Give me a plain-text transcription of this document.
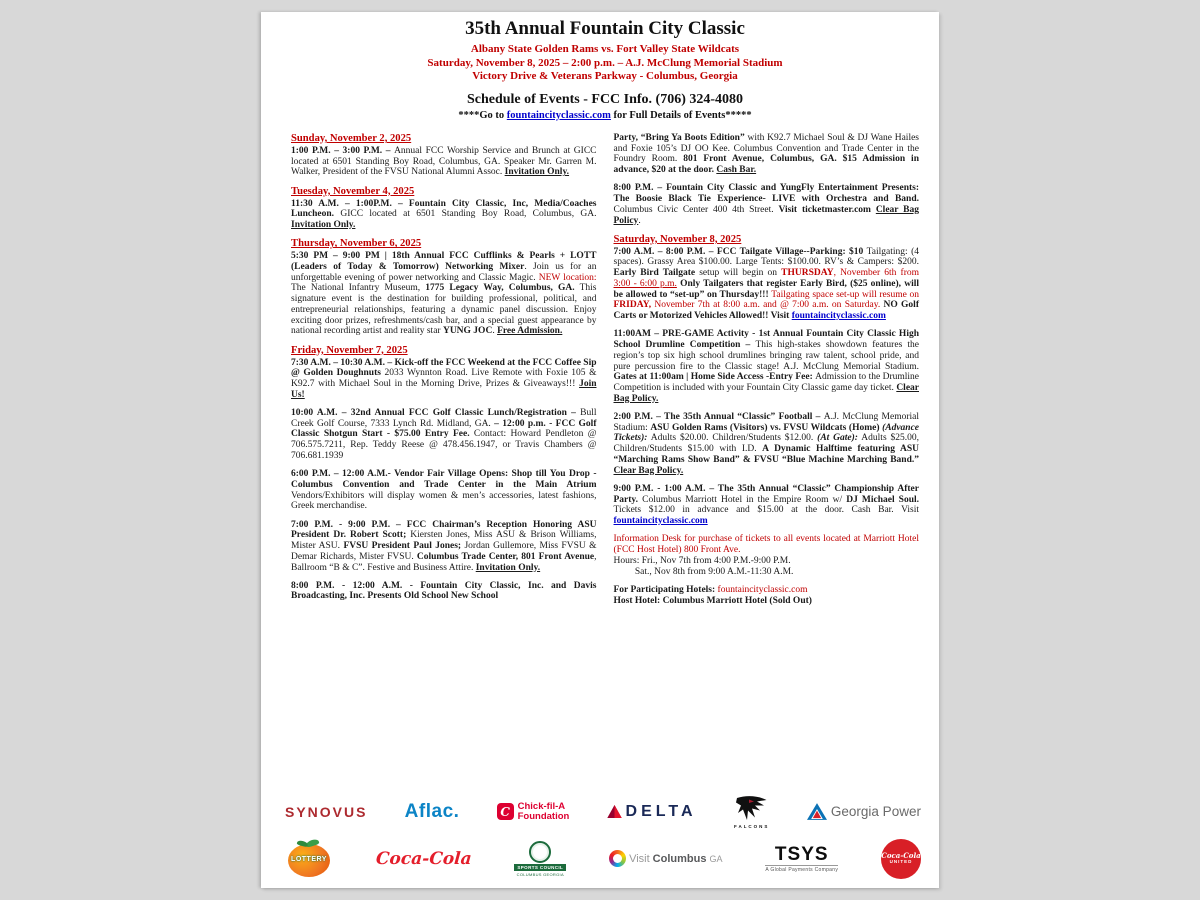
35th Annual Fountain City Classic
Albany State Golden Rams vs. Fort Valley State Wildcats
Saturday, November 8, 2025 – 2:00 p.m. – A.J. McClung Memorial Stadium
Victory Drive & Veterans Parkway - Columbus, Georgia
Schedule of Events - FCC Info. (706) 324-4080
****Go to fountaincityclassic.com for Full Details of Events*****
Sunday, November 2, 2025

1:00 P.M. – 3:00 P.M. – Annual FCC Worship Service and Brunch at GICC located at 6501 Standing Boy Road, Columbus, GA. Speaker Mr. Garren M. Walker, President of the FVSU National Alumni Assoc. Invitation Only.

Tuesday, November 4, 2025

11:30 A.M. – 1:00P.M. – Fountain City Classic, Inc, Media/Coaches Luncheon. GICC located at 6501 Standing Boy Road, Columbus, GA. Invitation Only.

Thursday, November 6, 2025

5:30 PM – 9:00 PM | 18th Annual FCC Cufflinks & Pearls + LOTT (Leaders of Today & Tomorrow) Networking Mixer. Join us for an unforgettable evening of power networking and Classic Magic. NEW location: The National Infantry Museum, 1775 Legacy Way, Columbus, GA. This signature event is the destination for building professional, political, and entrepreneurial relationships, featuring a dynamic panel discussion. Enjoy exciting door prizes, refreshments/cash bar, and a special guest appearance by national recording artist and reality star YUNG JOC. Free Admission.

Friday, November 7, 2025

7:30 A.M. – 10:30 A.M. – Kick-off the FCC Weekend at the FCC Coffee Sip @ Golden Doughnuts 2033 Wynnton Road. Live Remote with Foxie 105 & K92.7 with Michael Soul in the Morning Drive, Prizes & Giveaways!!! Join Us!

10:00 A.M. – 32nd Annual FCC Golf Classic Lunch/Registration – Bull Creek Golf Course, 7333 Lynch Rd. Midland, GA. – 12:00 p.m. - FCC Golf Classic Shotgun Start - $75.00 Entry Fee. Contact: Howard Pendleton @ 706.575.7211, Rep. Teddy Reese @ 478.456.1947, or Travis Chambers @ 706.681.1939

6:00 P.M. – 12:00 A.M.- Vendor Fair Village Opens: Shop till You Drop - Columbus Convention and Trade Center in the Main Atrium Vendors/Exhibitors will display women & men’s accessories, latest fashions, Greek merchandise.

7:00 P.M. - 9:00 P.M. – FCC Chairman’s Reception Honoring ASU President Dr. Robert Scott; Kiersten Jones, Miss ASU & Brison Williams, Mister ASU. FVSU President Paul Jones; Jordan Gullemore, Miss FVSU & Demar Richards, Mister FVSU. Columbus Trade Center, 801 Front Avenue, Ballroom “B & C”. Festive and Business Attire. Invitation Only.

8:00 P.M. - 12:00 A.M. - Fountain City Classic, Inc. and Davis Broadcasting, Inc. Presents Old School New School

Party, “Bring Ya Boots Edition” with K92.7 Michael Soul & DJ Wane Hailes and Foxie 105’s DJ OO Kee. Columbus Convention and Trade Center in the Foundry Room. 801 Front Avenue, Columbus, GA. $15 Admission in advance, $20 at the door. Cash Bar.

8:00 P.M. – Fountain City Classic and YungFly Entertainment Presents: The Boosie Black Tie Experience- LIVE with Orchestra and Band. Columbus Civic Center 400 4th Street. Visit ticketmaster.com Clear Bag Policy.

Saturday, November 8, 2025

7:00 A.M. – 8:00 P.M. – FCC Tailgate Village--Parking: $10 Tailgating: (4 spaces). Grassy Area $100.00. Large Tents: $100.00. RV’s & Campers: $200. Early Bird Tailgate setup will begin on THURSDAY, November 6th from 3:00 - 6:00 p.m. Only Tailgaters that register Early Bird, ($25 online), will be allowed to “set-up” on Thursday!!! Tailgating space set-up will resume on FRIDAY, November 7th at 8:00 a.m. and @ 7:00 a.m. on Saturday. NO Golf Carts or Motorized Vehicles Allowed!! Visit fountaincityclassic.com

11:00AM – PRE-GAME Activity - 1st Annual Fountain City Classic High School Drumline Competition – This high-stakes showdown features the region’s top six high school drumlines bringing raw talent, school pride, and pure percussion fire to the Classic stage! A.J. McClung Memorial Stadium. Gates at 11:00am | Home Side Access -Entry Fee: Admission to the Drumline Competition is included with your Fountain City Classic game day ticket. Clear Bag Policy.

2:00 P.M. – The 35th Annual “Classic” Football – A.J. McClung Memorial Stadium: ASU Golden Rams (Visitors) vs. FVSU Wildcats (Home) (Advance Tickets): Adults $20.00. Children/Students $12.00. (At Gate): Adults $25.00, Children/Students $15.00 with I.D. A Dynamic Halftime featuring ASU “Marching Rams Show Band” & FVSU “Blue Machine Marching Band.” Clear Bag Policy.

9:00 P.M. - 1:00 A.M. – The 35th Annual “Classic” Championship After Party. Columbus Marriott Hotel in the Empire Room w/ DJ Michael Soul. Tickets $12.00 in advance and $15.00 at the door. Cash Bar. Visit fountaincityclassic.com

Information Desk for purchase of tickets to all events located at Marriott Hotel (FCC Host Hotel) 800 Front Ave.
Hours: Fri., Nov 7th from 4:00 P.M.-9:00 P.M.
Sat., Nov 8th from 9:00 A.M.-11:30 A.M.

For Participating Hotels: fountaincityclassic.com
Host Hotel: Columbus Marriott Hotel (Sold Out)

SYNOVUS Aflac.	C Chick-fil-A
Foundation	DELTA
FALCONS
Georgia Power
LOTTERY	Coca-Cola	SPORTS COUNCIL
COLUMBUS GEORGIA
Visit Columbus GA	TSYS
A Global Payments Company
Coca-Cola
UNITED
